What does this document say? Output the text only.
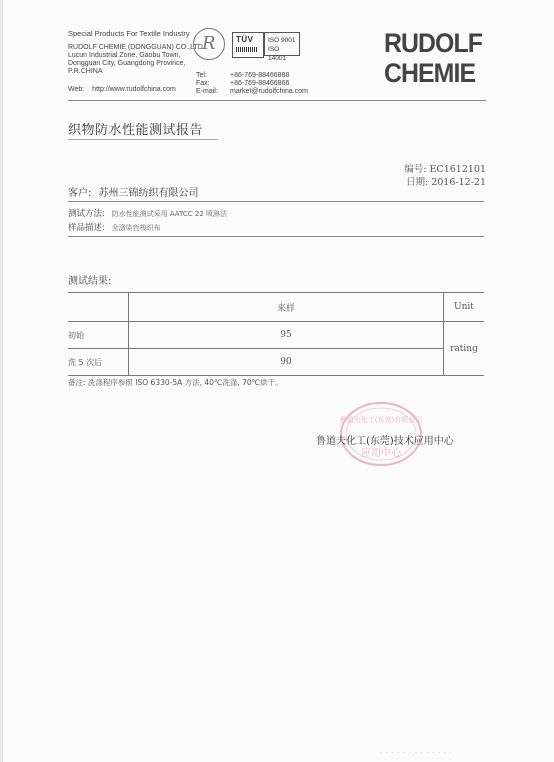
Special Products For Textile Industry
RUDOLF CHEMIE (DONGGUAN) CO.,LTD
Lucun Industrial Zone, Gaobu Town,
Dongguan City, Guangdong Province,
P.R.CHINA
Web: http://www.rudolfchina.com
Tel:	+86-769-88466888
Fax:	+86-769-88466866
E-mail:	market@rudolfchina.com
R	TÜV ISO 9001
ISO 14001
RUDOLF
CHEMIE
织物防水性能测试报告
编号: EC1612101
日期: 2016-12-21
客户: 苏州三锦纺织有限公司
测试方法: 防水性能测试采用 AATCC 22 喷淋法
样品描述: 全涤染色梭织布
测试结果:
	来样	Unit
初始	95	rating
洗 5 次后	90	
备注: 洗涤程序参照 ISO 6330-5A 方法, 40℃洗涤, 70℃烘干。
鲁道夫化工(东莞)有限公司
应用中心
鲁道夫化工(东莞)技术应用中心
· · · · · · · · · · · · ·
